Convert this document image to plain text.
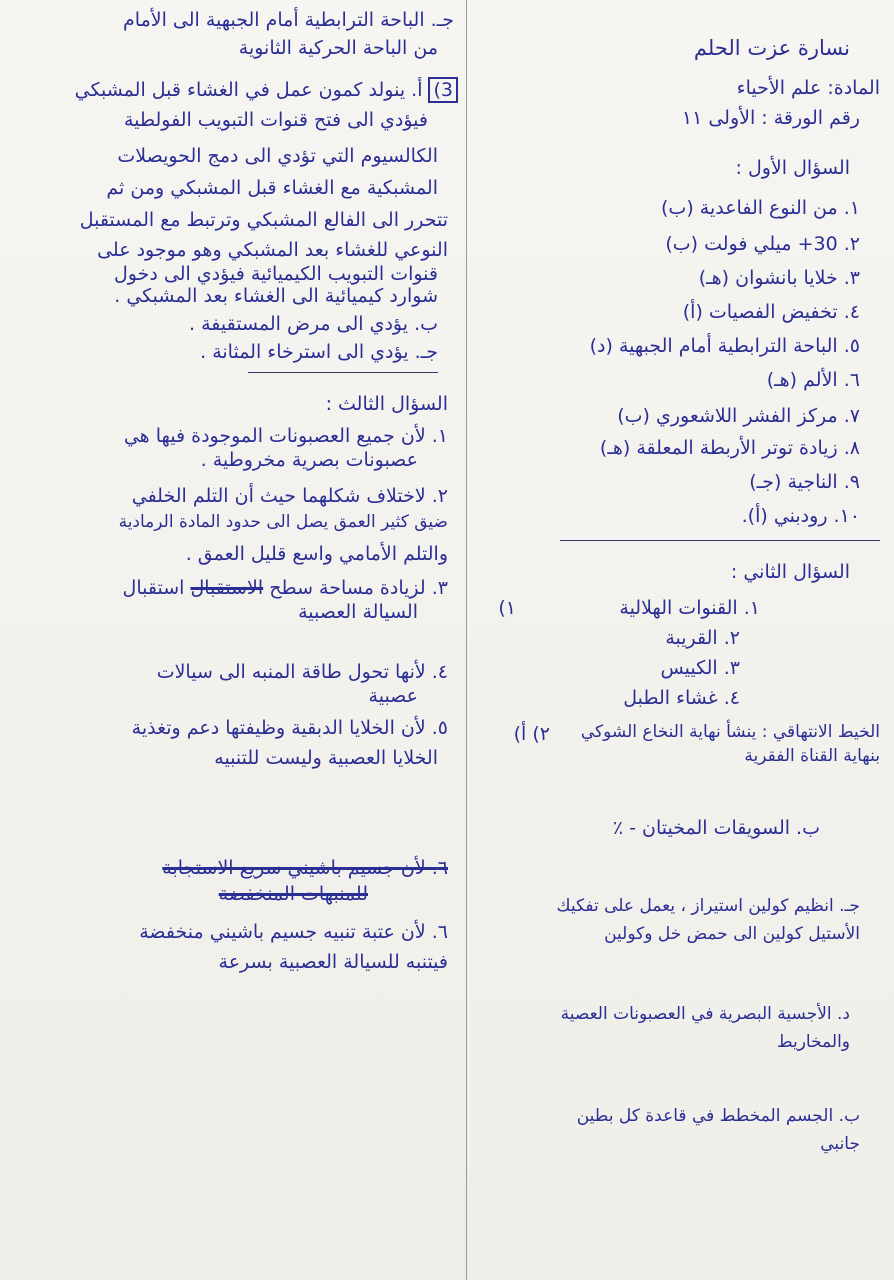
نسارة عزت الحلم
المادة: علم الأحياء
رقم الورقة : الأولى ١١
السؤال الأول :
١. من النوع الفاعدية (ب)
٢. 30+ ميلي فولت (ب)
٣. خلايا بانشوان (هـ)
٤. تخفيض الفصيات (أ)
٥. الباحة الترابطية أمام الجبهية (د)
٦. الألم (هـ)
٧. مركز الفشر اللاشعوري (ب)
٨. زيادة توتر الأربطة المعلقة (هـ)
٩. الناجية (جـ)
١٠. رودبني (أ).
السؤال الثاني :
١)	١. القنوات الهلالية
٢. القريبة
٣. الكييس
٤. غشاء الطبل
٢) أ)	الخيط الانتهاقي : ينشأ نهاية النخاع الشوكي بنهاية القناة الفقرية
ب. السويقات المخيتان - ٪
جـ. انظيم كولين استيراز ، يعمل على تفكيك الأستيل كولين الى حمض خل وكولين
د. الأجسية البصرية في العصبونات العصية والمخاريط
ب. الجسم المخطط في قاعدة كل بطين جانبي
جـ. الباحة الترابطية أمام الجبهية الى الأمام
من الباحة الحركية الثانوية
3)أ. ينولد كمون عمل في الغشاء قبل المشبكي
فيؤدي الى فتح قنوات التبويب الفولطية
الكالسيوم التي تؤدي الى دمج الحويصلات
المشبكية مع الغشاء قبل المشبكي ومن ثم
تتحرر الى الفالع المشبكي وترتبط مع المستقبل
النوعي للغشاء بعد المشبكي وهو موجود على
قنوات التبويب الكيميائية فيؤدي الى دخول
شوارد كيميائية الى الغشاء بعد المشبكي .
ب. يؤدي الى مرض المستقيفة .
جـ. يؤدي الى استرخاء المثانة .
السؤال الثالث :
١. لأن جميع العصبونات الموجودة فيها هي
عصبونات بصرية مخروطية .
٢. لاختلاف شكلهما حيث أن التلم الخلفي
ضيق كثير العمق يصل الى حدود المادة الرمادية
والتلم الأمامي واسع قليل العمق .
٣. لزيادة مساحة سطح الاستقبال استقبال
السيالة العصبية
٤. لأنها تحول طاقة المنبه الى سيالات
عصبية
٥. لأن الخلايا الدبقية وظيفتها دعم وتغذية
الخلايا العصبية وليست للتنبيه
٦. لأن جسيم باشيني سريع الاستجابة
للمنبهات المنخفضة
٦. لأن عتبة تنبيه جسيم باشيني منخفضة
فيتنبه للسيالة العصبية بسرعة
